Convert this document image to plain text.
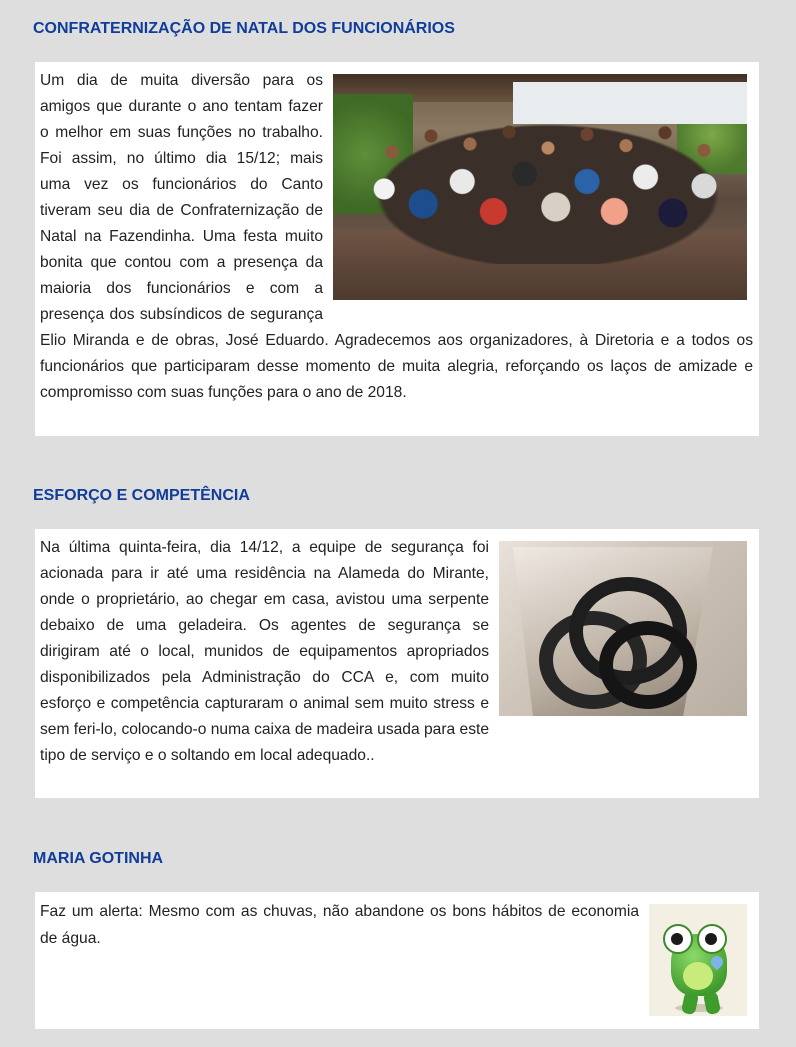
CONFRATERNIZAÇÃO DE NATAL DOS FUNCIONÁRIOS

Um dia de muita diversão para os amigos que durante o ano tentam fazer o melhor em suas funções no trabalho. Foi assim, no último dia 15/12; mais uma vez os funcionários do Canto tiveram seu dia de Confraternização de Natal na Fazendinha. Uma festa muito bonita que contou com a presença da maioria dos funcionários e com a presença dos subsíndicos de segurança Elio Miranda e de obras, José Eduardo. Agradecemos aos organizadores, à Diretoria e a todos os funcionários que participaram desse momento de muita alegria, reforçando os laços de amizade e compromisso com suas funções para o ano de 2018.

ESFORÇO E COMPETÊNCIA

Na última quinta-feira, dia 14/12, a equipe de segurança foi acionada para ir até uma residência na Alameda do Mirante, onde o proprietário, ao chegar em casa, avistou uma serpente debaixo de uma geladeira. Os agentes de segurança se dirigiram até o local, munidos de equipamentos apropriados disponibilizados pela Administração do CCA e, com muito esforço e competência capturaram o animal sem muito stress e sem feri-lo, colocando-o numa caixa de madeira usada para este tipo de serviço e o soltando em local adequado..

MARIA GOTINHA

Faz um alerta: Mesmo com as chuvas, não abandone os bons hábitos de economia de água.
